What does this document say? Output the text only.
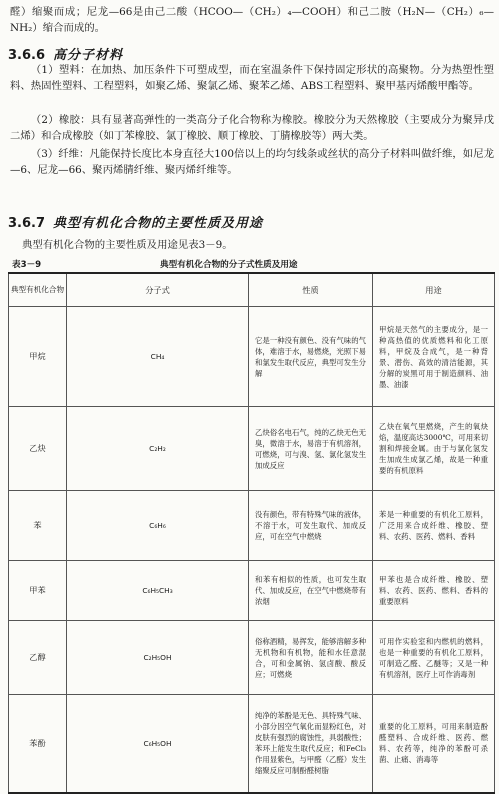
醛）缩聚而成；尼龙—66是由己二酸（HCOO—（CH₂）₄—COOH）和己二胺（H₂N—（CH₂）₆—NH₂）缩合而成的。

3.6.6 高分子材料

（1）塑料：在加热、加压条件下可塑成型，而在室温条件下保持固定形状的高聚物。分为热塑性塑料、热固性塑料、工程塑料，如聚乙烯、聚氯乙烯、聚苯乙烯、ABS工程塑料、聚甲基丙烯酸甲酯等。

（2）橡胶：具有显著高弹性的一类高分子化合物称为橡胶。橡胶分为天然橡胶（主要成分为聚异戊二烯）和合成橡胶（如丁苯橡胶、氯丁橡胶、顺丁橡胶、丁腈橡胶等）两大类。

（3）纤维：凡能保持长度比本身直径大100倍以上的均匀线条或丝状的高分子材料叫做纤维，如尼龙—6、尼龙—66、聚丙烯腈纤维、聚丙烯纤维等。

3.6.7 典型有机化合物的主要性质及用途

典型有机化合物的主要性质及用途见表3－9。

表3－9	典型有机化合物的分子式性质及用途
典型有机化合物	分子式	性质	用途
甲烷	CH₄	它是一种没有颜色、没有气味的气体，难溶于水，易燃烧，光照下易和氯发生取代反应，典型可发生分解	甲烷是天然气的主要成分，是一种高热值的优质燃料和化工原料，甲烷及合成气，是一种背景、潜伤、高效的清洁能源，其分解的炭黑可用于制造颜料、油墨、油漆
乙炔	C₂H₂	乙炔俗名电石气，纯的乙炔无色无臭，微溶于水，易溶于有机溶剂，可燃烧，可与溴、氢、氯化氢发生加成反应	乙炔在氧气里燃烧，产生的氧炔焰，温度高达3000℃，可用来切割和焊接金属。由于与氯化氢发生加成生成氯乙烯，故是一种重要的有机原料
苯	C₆H₆	没有颜色，带有特殊气味的液体，不溶于水，可发生取代、加成反应，可在空气中燃烧	苯是一种重要的有机化工原料，广泛用来合成纤维、橡胶、塑料、农药、医药、燃料、香料
甲苯	C₆H₅CH₃	和苯有相似的性质，也可发生取代、加成反应，在空气中燃烧带有浓烟	甲苯也是合成纤维、橡胶、塑料、农药、医药、燃料、香料的重要原料
乙醇	C₂H₅OH	俗称酒精，易挥发，能够溶解多种无机物和有机物，能和水任意混合，可和金属钠、氢卤酸、酸反应；可燃烧	可用作实验室和内燃机的燃料，也是一种重要的有机化工原料，可制造乙醛、乙醚等；又是一种有机溶剂，医疗上可作消毒剂
苯酚	C₆H₅OH	纯净的苯酚是无色、具特殊气味、小部分因空气氧化而显粉红色，对皮肤有强烈的腐蚀性，具弱酸性；苯环上能发生取代反应；和FeCl₃作用显紫色，与甲醛（乙醛）发生缩聚反应可制酚醛树脂	重要的化工原料，可用来制造酚醛塑料、合成纤维、医药、燃料、农药等，纯净的苯酚可杀菌、止痛、消毒等
